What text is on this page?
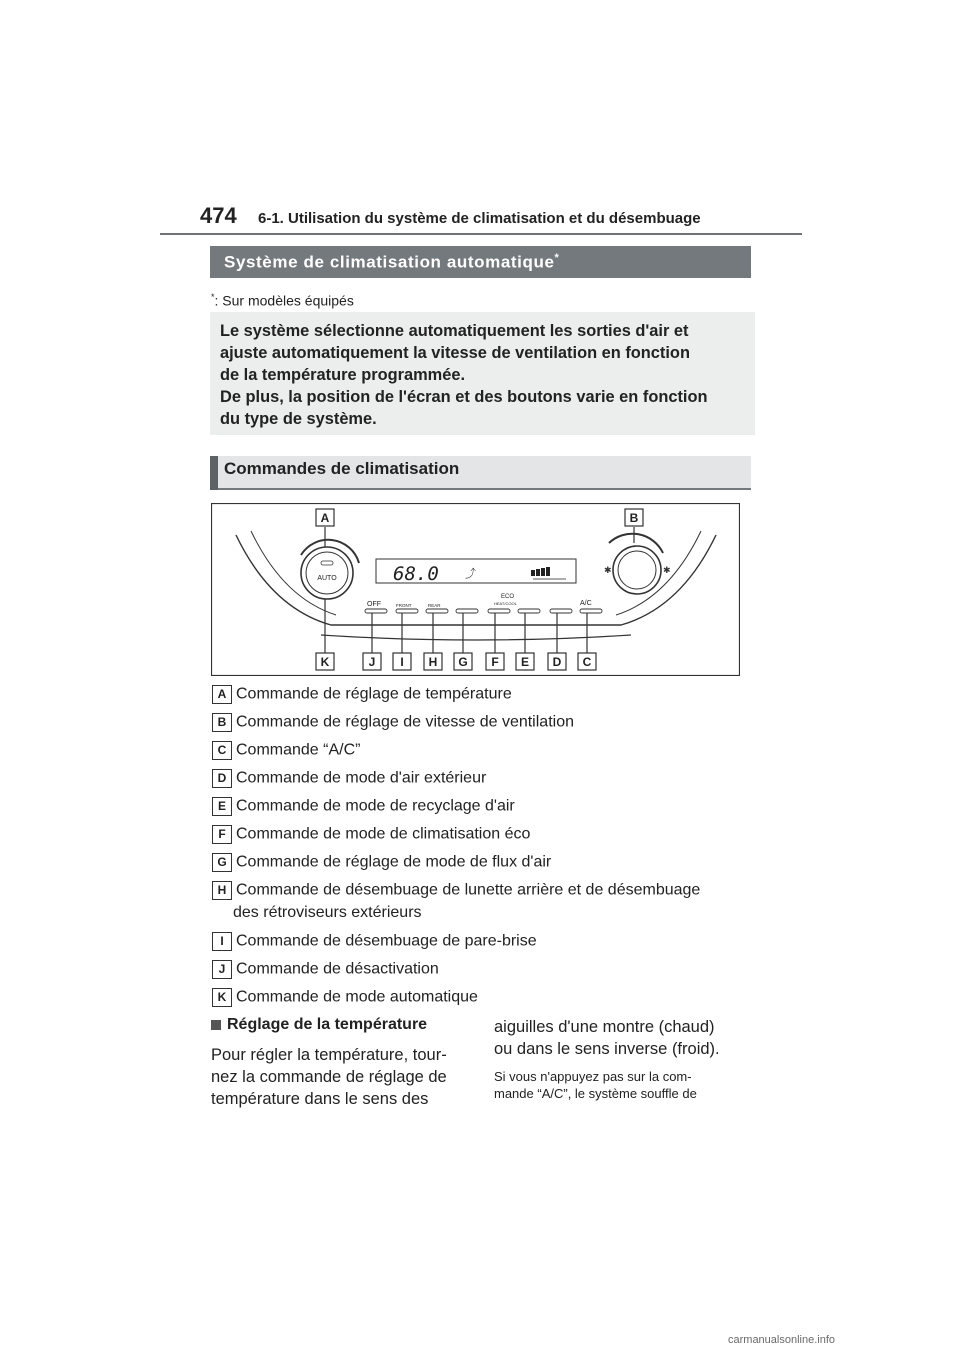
474 6-1. Utilisation du système de climatisation et du désembuage
Système de climatisation automatique*
*: Sur modèles équipés
Le système sélectionne automatiquement les sorties d'air et
ajuste automatiquement la vitesse de ventilation en fonction
de la température programmée.
De plus, la position de l'écran et des boutons varie en fonction
du type de système.
Commandes de climatisation
AUTO
✱	✱
68.0 ⤴
OFF	FRONT	REAR
ECO
HEAT/COOL	A/C
A	B
K	J I H G F E D C
A Commande de réglage de température
B Commande de réglage de vitesse de ventilation
C Commande “A/C”
D Commande de mode d'air extérieur
E Commande de mode de recyclage d'air
F Commande de mode de climatisation éco
G Commande de réglage de mode de flux d'air
H Commande de désembuage de lunette arrière et de désembuage
des rétroviseurs extérieurs
I Commande de désembuage de pare-brise
J Commande de désactivation
K Commande de mode automatique
Réglage de la température
Pour régler la température, tour-
nez la commande de réglage de
température dans le sens des
aiguilles d'une montre (chaud)
ou dans le sens inverse (froid).
Si vous n'appuyez pas sur la com-
mande “A/C”, le système souffle de
carmanualsonline.info
